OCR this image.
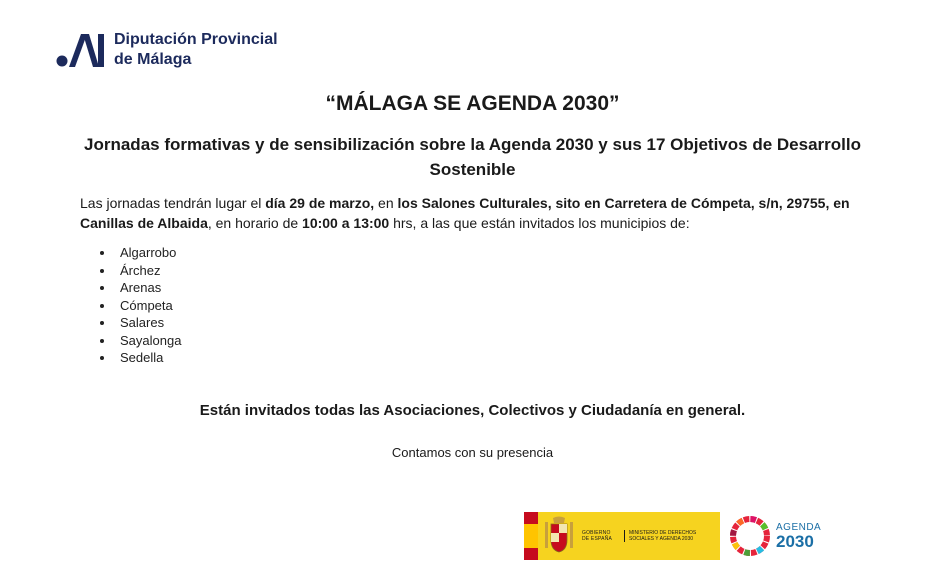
Diputación Provincial
de Málaga
“MÁLAGA SE AGENDA 2030”
Jornadas formativas y de sensibilización sobre la Agenda 2030 y sus 17 Objetivos de Desarrollo Sostenible
Las jornadas tendrán lugar el día 29 de marzo, en los Salones Culturales, sito en Carretera de Cómpeta, s/n, 29755, en Canillas de Albaida, en horario de 10:00 a 13:00 hrs, a las que están invitados los municipios de:
Algarrobo
Árchez
Arenas
Cómpeta
Salares
Sayalonga
Sedella
Están invitados todas las Asociaciones, Colectivos y Ciudadanía en general.
Contamos con su presencia
GOBIERNO DE ESPAÑA
MINISTERIO DE DERECHOS SOCIALES Y AGENDA 2030
AGENDA
2030
